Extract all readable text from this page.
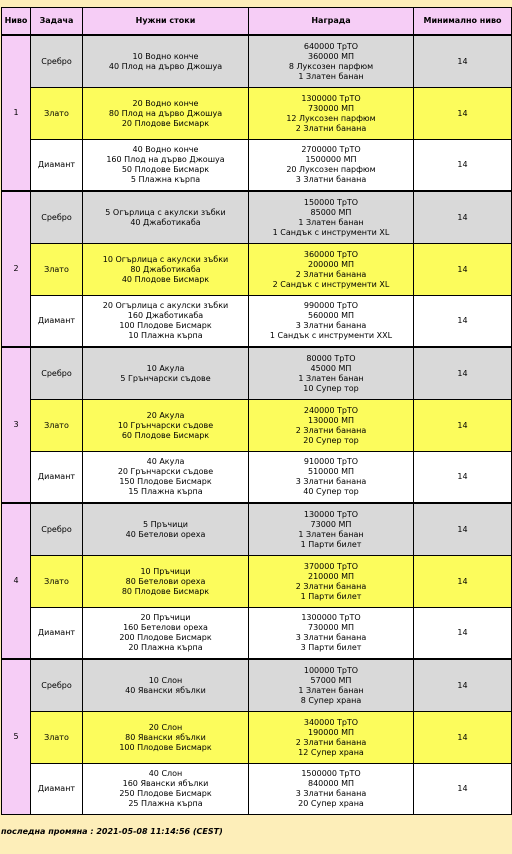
Ниво	Задача	Нужни стоки	Награда	Минимално ниво
1	Сребро	10 Водно конче
40 Плод на дърво Джошуа	640000 ТрТО
360000 МП
8 Луксозен парфюм
1 Златен банан	14
	Злато	20 Водно конче
80 Плод на дърво Джошуа
20 Плодове Бисмарк	1300000 ТрТО
730000 МП
12 Луксозен парфюм
2 Златни банана	14
	Диамант	40 Водно конче
160 Плод на дърво Джошуа
50 Плодове Бисмарк
5 Плажна кърпа	2700000 ТрТО
1500000 МП
20 Луксозен парфюм
3 Златни банана	14
2	Сребро	5 Огърлица с акулски зъбки
40 Джаботикаба	150000 ТрТО
85000 МП
1 Златен банан
1 Сандък с инструменти XL	14
	Злато	10 Огърлица с акулски зъбки
80 Джаботикаба
40 Плодове Бисмарк	360000 ТрТО
200000 МП
2 Златни банана
2 Сандък с инструменти XL	14
	Диамант	20 Огърлица с акулски зъбки
160 Джаботикаба
100 Плодове Бисмарк
10 Плажна кърпа	990000 ТрТО
560000 МП
3 Златни банана
1 Сандък с инструменти XXL	14
3	Сребро	10 Акула
5 Грънчарски съдове	80000 ТрТО
45000 МП
1 Златен банан
10 Супер тор	14
	Злато	20 Акула
10 Грънчарски съдове
60 Плодове Бисмарк	240000 ТрТО
130000 МП
2 Златни банана
20 Супер тор	14
	Диамант	40 Акула
20 Грънчарски съдове
150 Плодове Бисмарк
15 Плажна кърпа	910000 ТрТО
510000 МП
3 Златни банана
40 Супер тор	14
4	Сребро	5 Пръчици
40 Бетелови ореха	130000 ТрТО
73000 МП
1 Златен банан
1 Парти билет	14
	Злато	10 Пръчици
80 Бетелови ореха
80 Плодове Бисмарк	370000 ТрТО
210000 МП
2 Златни банана
1 Парти билет	14
	Диамант	20 Пръчици
160 Бетелови ореха
200 Плодове Бисмарк
20 Плажна кърпа	1300000 ТрТО
730000 МП
3 Златни банана
3 Парти билет	14
5	Сребро	10 Слон
40 Явански ябълки	100000 ТрТО
57000 МП
1 Златен банан
8 Супер храна	14
	Злато	20 Слон
80 Явански ябълки
100 Плодове Бисмарк	340000 ТрТО
190000 МП
2 Златни банана
12 Супер храна	14
	Диамант	40 Слон
160 Явански ябълки
250 Плодове Бисмарк
25 Плажна кърпа	1500000 ТрТО
840000 МП
3 Златни банана
20 Супер храна	14
последна промяна : 2021-05-08 11:14:56 (CEST)
